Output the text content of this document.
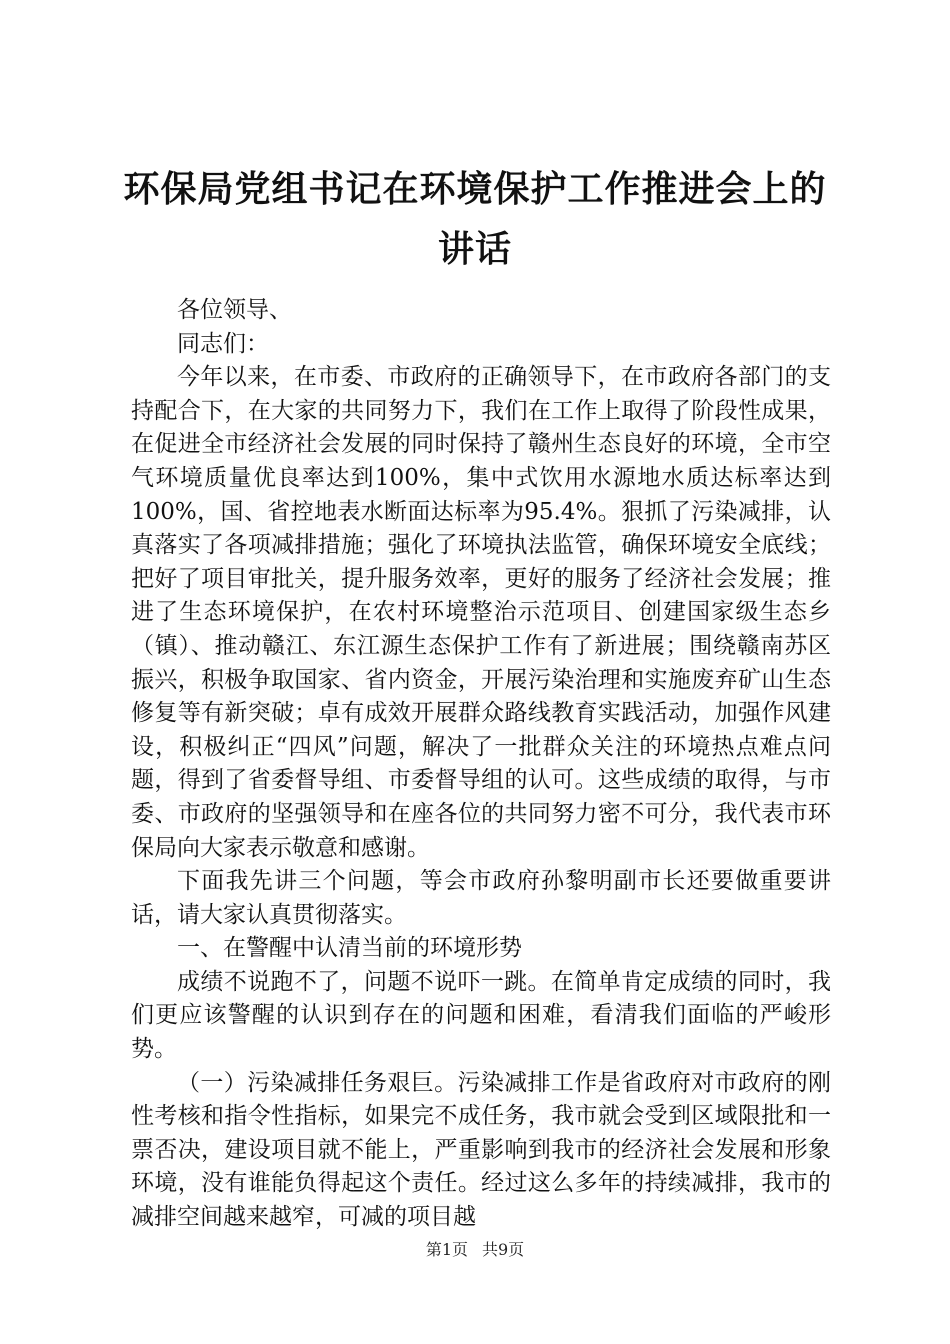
环保局党组书记在环境保护工作推进会上的讲话

各位领导、

同志们：

今年以来，在市委、市政府的正确领导下，在市政府各部门的支持配合下，在大家的共同努力下，我们在工作上取得了阶段性成果，在促进全市经济社会发展的同时保持了赣州生态良好的环境，全市空气环境质量优良率达到100%，集中式饮用水源地水质达标率达到100%，国、省控地表水断面达标率为95.4%。狠抓了污染减排，认真落实了各项减排措施；强化了环境执法监管，确保环境安全底线；把好了项目审批关，提升服务效率，更好的服务了经济社会发展；推进了生态环境保护，在农村环境整治示范项目、创建国家级生态乡（镇）、推动赣江、东江源生态保护工作有了新进展；围绕赣南苏区振兴，积极争取国家、省内资金，开展污染治理和实施废弃矿山生态修复等有新突破；卓有成效开展群众路线教育实践活动，加强作风建设，积极纠正“四风”问题，解决了一批群众关注的环境热点难点问题，得到了省委督导组、市委督导组的认可。这些成绩的取得，与市委、市政府的坚强领导和在座各位的共同努力密不可分，我代表市环保局向大家表示敬意和感谢。

下面我先讲三个问题，等会市政府孙黎明副市长还要做重要讲话，请大家认真贯彻落实。

一、在警醒中认清当前的环境形势

成绩不说跑不了，问题不说吓一跳。在简单肯定成绩的同时，我们更应该警醒的认识到存在的问题和困难，看清我们面临的严峻形势。

（一）污染减排任务艰巨。污染减排工作是省政府对市政府的刚性考核和指令性指标，如果完不成任务，我市就会受到区域限批和一票否决，建设项目就不能上，严重影响到我市的经济社会发展和形象环境，没有谁能负得起这个责任。经过这么多年的持续减排，我市的减排空间越来越窄，可减的项目越

第1页 共9页
